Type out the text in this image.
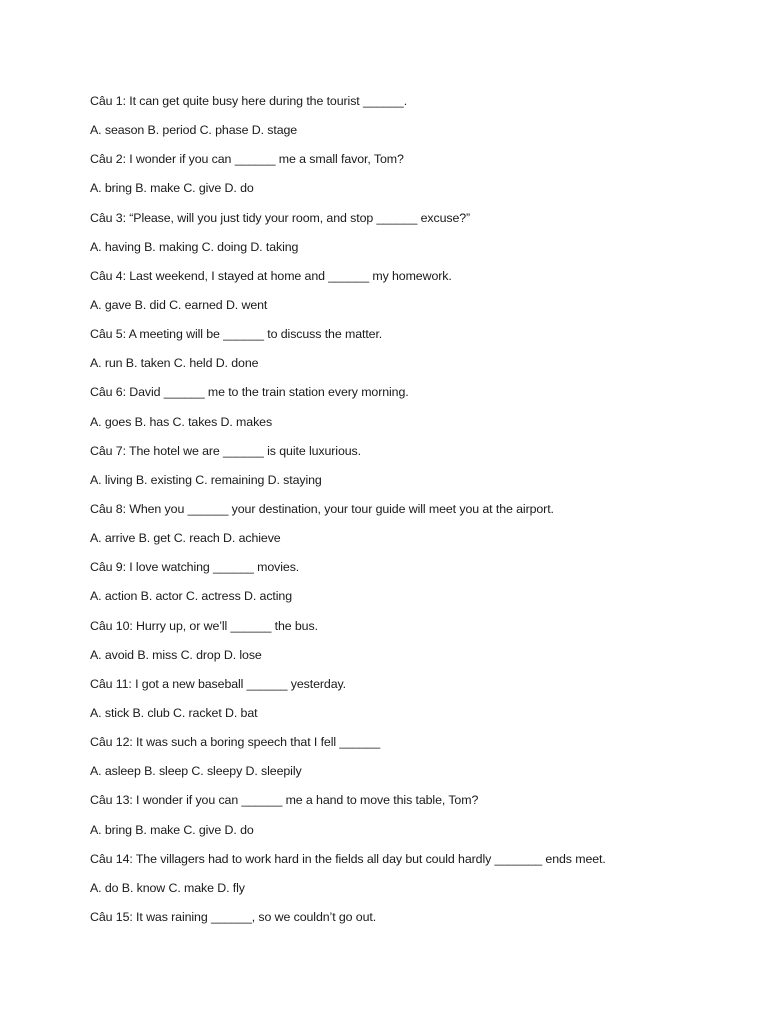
Câu 1: It can get quite busy here during the tourist ______.
A. season B. period C. phase D. stage
Câu 2: I wonder if you can ______ me a small favor, Tom?
A. bring B. make C. give D. do
Câu 3: “Please, will you just tidy your room, and stop ______ excuse?”
A. having B. making C. doing D. taking
Câu 4: Last weekend, I stayed at home and ______ my homework.
A. gave B. did C. earned D. went
Câu 5: A meeting will be ______ to discuss the matter.
A. run B. taken C. held D. done
Câu 6: David ______ me to the train station every morning.
A. goes B. has C. takes D. makes
Câu 7: The hotel we are ______ is quite luxurious.
A. living B. existing C. remaining D. staying
Câu 8: When you ______ your destination, your tour guide will meet you at the airport.
A. arrive B. get C. reach D. achieve
Câu 9: I love watching ______ movies.
A. action B. actor C. actress D. acting
Câu 10: Hurry up, or we’ll ______ the bus.
A. avoid B. miss C. drop D. lose
Câu 11: I got a new baseball ______ yesterday.
A. stick B. club C. racket D. bat
Câu 12: It was such a boring speech that I fell ______
A. asleep B. sleep C. sleepy D. sleepily
Câu 13: I wonder if you can ______ me a hand to move this table, Tom?
A. bring B. make C. give D. do
Câu 14: The villagers had to work hard in the fields all day but could hardly _______ ends meet.
A. do B. know C. make D. fly
Câu 15: It was raining ______, so we couldn’t go out.
